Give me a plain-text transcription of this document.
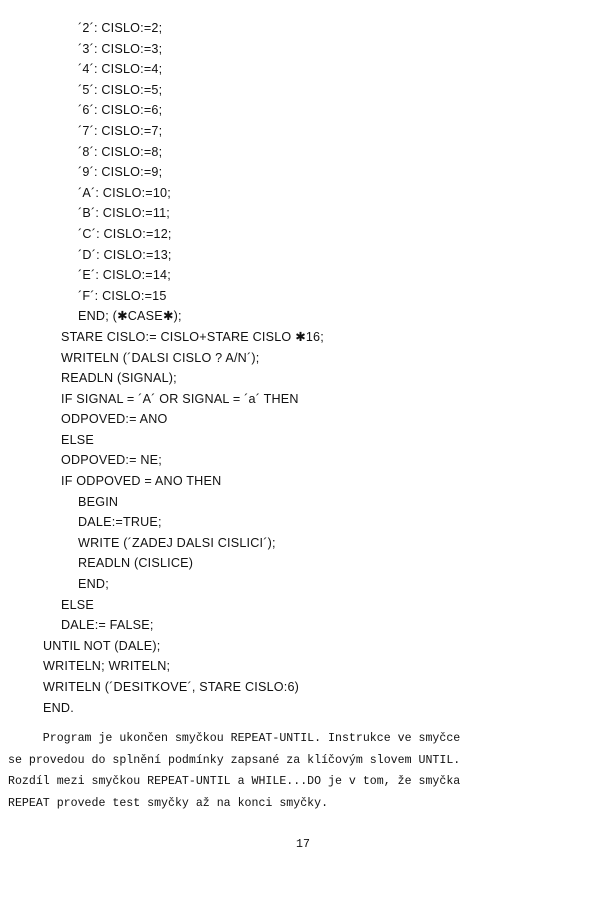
´2´: CISLO:=2;
´3´: CISLO:=3;
´4´: CISLO:=4;
´5´: CISLO:=5;
´6´: CISLO:=6;
´7´: CISLO:=7;
´8´: CISLO:=8;
´9´: CISLO:=9;
´A´: CISLO:=10;
´B´: CISLO:=11;
´C´: CISLO:=12;
´D´: CISLO:=13;
´E´: CISLO:=14;
´F´: CISLO:=15
END; (✱CASE✱);
STARE CISLO:= CISLO+STARE CISLO ✱16;
WRITELN (´DALSI CISLO ? A/N´);
READLN (SIGNAL);
IF SIGNAL = ´A´ OR SIGNAL = ´a´ THEN
ODPOVED:= ANO
ELSE
ODPOVED:= NE;
IF ODPOVED = ANO THEN
BEGIN
DALE:=TRUE;
WRITE (´ZADEJ DALSI CISLICI´);
READLN (CISLICE)
END;
ELSE
DALE:= FALSE;
UNTIL NOT (DALE);
WRITELN; WRITELN;
WRITELN (´DESITKOVE´, STARE CISLO:6)
END.
Program je ukončen smyčkou REPEAT-UNTIL. Instrukce ve smyčce
se provedou do splnění podmínky zapsané za klíčovým slovem UNTIL.
Rozdíl mezi smyčkou REPEAT-UNTIL a WHILE...DO je v tom, že smyčka
REPEAT provede test smyčky až na konci smyčky.
17
